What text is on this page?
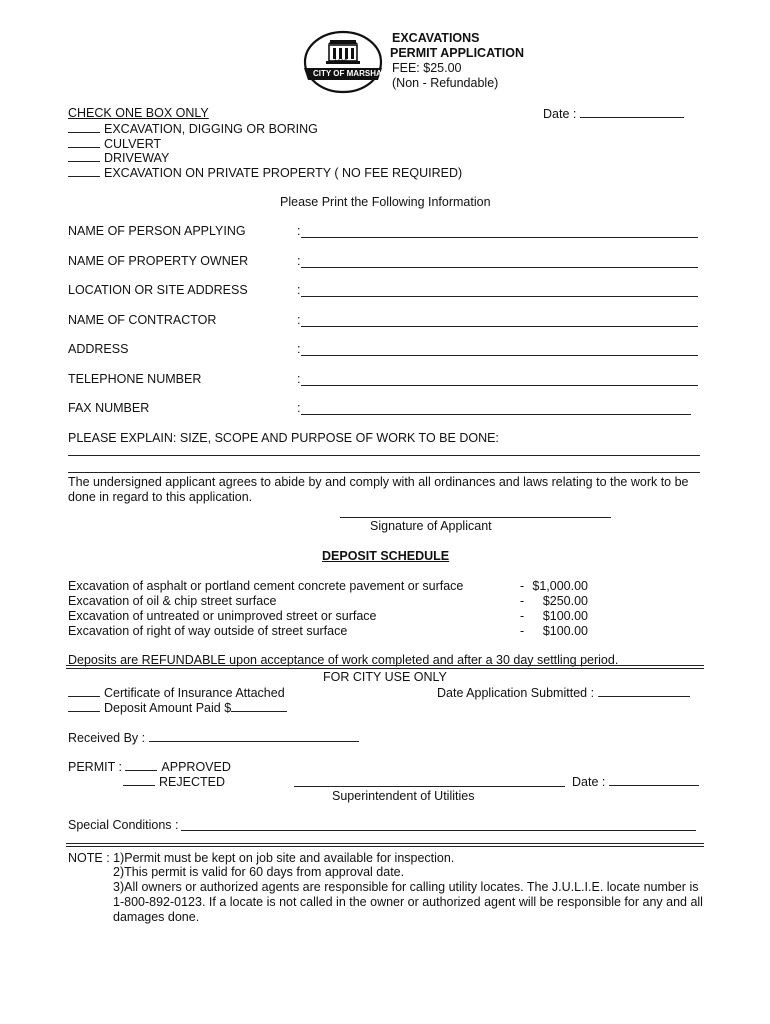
1835
CITY OF MARSHALL
EXCAVATIONS
PERMIT APPLICATION
FEE: $25.00
(Non - Refundable)
CHECK ONE BOX ONLY	Date :
EXCAVATION, DIGGING OR BORING
CULVERT
DRIVEWAY
EXCAVATION ON PRIVATE PROPERTY ( NO FEE REQUIRED)
Please Print the Following Information
NAME OF PERSON APPLYING	:
NAME OF PROPERTY OWNER	:
LOCATION OR SITE ADDRESS	:
NAME OF CONTRACTOR	:
ADDRESS	:
TELEPHONE NUMBER	:
FAX NUMBER	:
PLEASE EXPLAIN: SIZE, SCOPE AND PURPOSE OF WORK TO BE DONE:
The undersigned applicant agrees to abide by and comply with all ordinances and laws relating to the work to be done in regard to this application.
Signature of Applicant
DEPOSIT SCHEDULE
Excavation of asphalt or portland cement concrete pavement or surface	- $1,000.00
Excavation of oil & chip street surface	-	$250.00
Excavation of untreated or unimproved street or surface	-	$100.00
Excavation of right of way outside of street surface	-	$100.00
Deposits are REFUNDABLE upon acceptance of work completed and after a 30 day settling period.
FOR CITY USE ONLY
Certificate of Insurance Attached	Date Application Submitted :
Deposit Amount Paid $
Received By :
PERMIT :	APPROVED
REJECTED	Date :
Superintendent of Utilities
Special Conditions :
NOTE : 1)Permit must be kept on job site and available for inspection.
2)This permit is valid for 60 days from approval date.
3)All owners or authorized agents are responsible for calling utility locates. The J.U.L.I.E. locate number is 1-800-892-0123. If a locate is not called in the owner or authorized agent will be responsible for any and all damages done.
